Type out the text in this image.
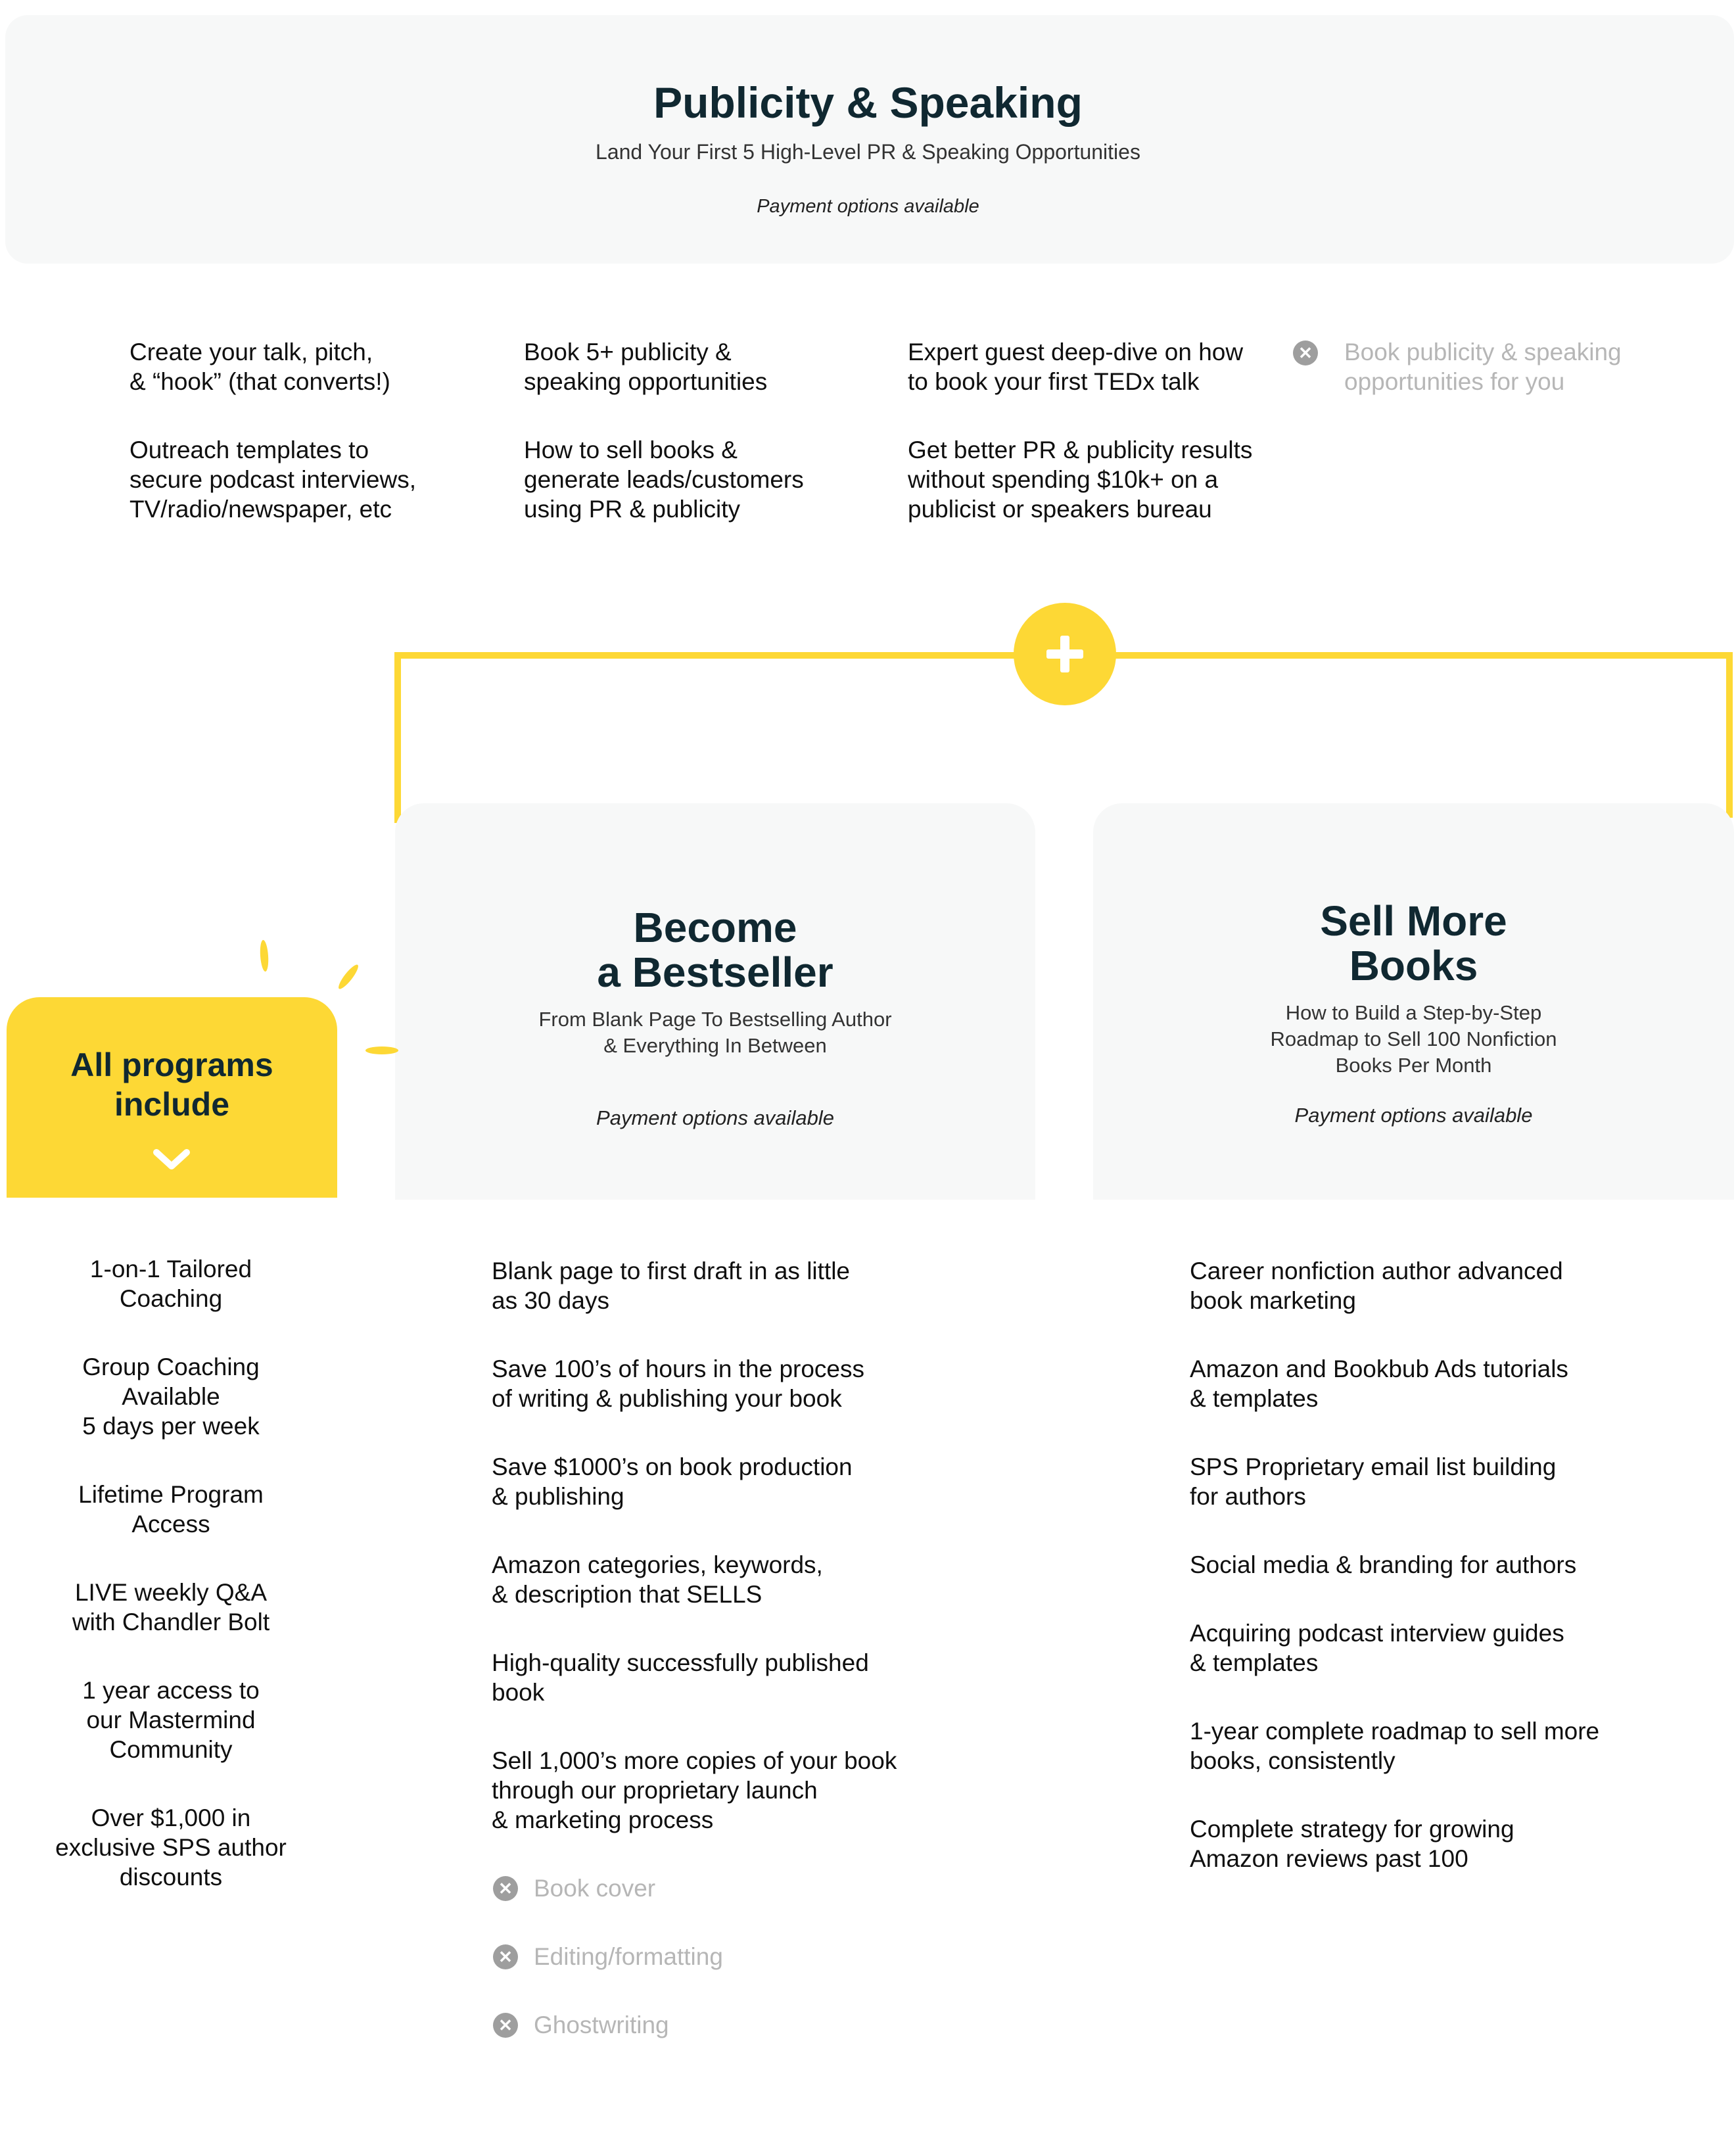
Publicity & Speaking
Land Your First 5 High-Level PR & Speaking Opportunities
Payment options available
Create your talk, pitch,
& “hook” (that converts!)
Book 5+ publicity &
speaking opportunities
Expert guest deep-dive on how
to book your first TEDx talk
Outreach templates to
secure podcast interviews,
TV/radio/newspaper, etc
How to sell books &
generate leads/customers
using PR & publicity
Get better PR & publicity results
without spending $10k+ on a
publicist or speakers bureau
✕ Book publicity & speaking
opportunities for you
Become
a Bestseller
From Blank Page To Bestselling Author
& Everything In Between
Payment options available
Sell More
Books
How to Build a Step-by-Step
Roadmap to Sell 100 Nonfiction
Books Per Month
Payment options available
All programs
include
1-on-1 Tailored
Coaching
Group Coaching
Available
5 days per week
Lifetime Program
Access
LIVE weekly Q&A
with Chandler Bolt
1 year access to
our Mastermind
Community
Over $1,000 in
exclusive SPS author
discounts
Blank page to first draft in as little
as 30 days
Save 100’s of hours in the process
of writing & publishing your book
Save $1000’s on book production
& publishing
Amazon categories, keywords,
& description that SELLS
High-quality successfully published
book
Sell 1,000’s more copies of your book
through our proprietary launch
& marketing process
✕ Book cover
✕ Editing/formatting
✕ Ghostwriting
Career nonfiction author advanced
book marketing
Amazon and Bookbub Ads tutorials
& templates
SPS Proprietary email list building
for authors
Social media & branding for authors
Acquiring podcast interview guides
& templates
1-year complete roadmap to sell more
books, consistently
Complete strategy for growing
Amazon reviews past 100
